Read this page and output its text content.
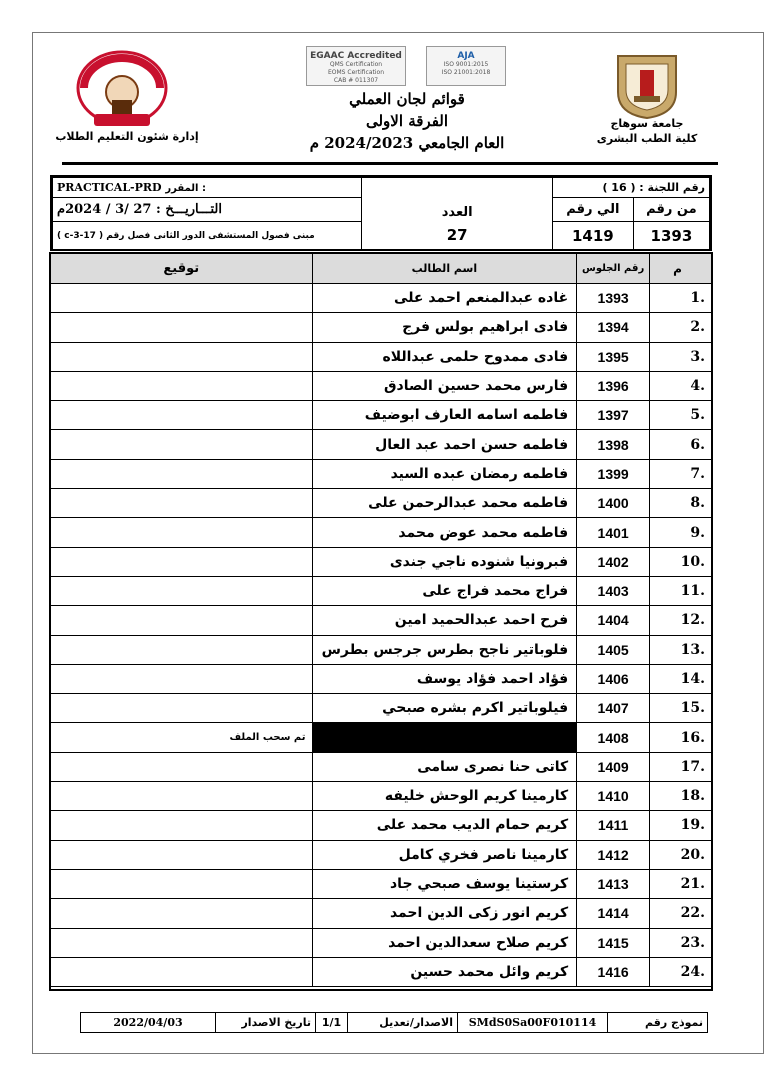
إدارة شئون التعليم الطلاب
EGAAC Accredited
QMS Certification
EOMS Certification
CAB # 011307
AJA
ISO 9001:2015
ISO 21001:2018
قوائم لجان العملي
الفرقة الاولى
العام الجامعي 2024/2023 م
جامعة سوهاج
كلية الطب البشرى
رقم اللجنة : ( 16 )		العدد	PRACTICAL-PRD المقرر :
من رقم	الي رقم		التـــاريـــخ : 27 /3 / 2024م
1393	1419	27	مبنى فصول المستشفى الدور الثانى فصل رقم ( 17-3-c )
م	رقم الجلوس	اسم الطالب	توقيع
1.	1393	غاده عبدالمنعم احمد على	
2.	1394	فادى ابراهيم بولس فرج	
3.	1395	فادى ممدوح حلمى عبداللاه	
4.	1396	فارس محمد حسين الصادق	
5.	1397	فاطمه اسامه العارف ابوضيف	
6.	1398	فاطمه حسن احمد عبد العال	
7.	1399	فاطمه رمضان عبده السيد	
8.	1400	فاطمه محمد عبدالرحمن على	
9.	1401	فاطمه محمد عوض محمد	
10.	1402	فبرونيا شنوده ناجي جندى	
11.	1403	فراج محمد فراج على	
12.	1404	فرح احمد عبدالحميد امين	
13.	1405	فلوباتير ناجح بطرس جرجس بطرس	
14.	1406	فؤاد احمد فؤاد يوسف	
15.	1407	فيلوباتير اكرم بشره صبحي	
16.	1408		تم سحب الملف
17.	1409	كاتى حنا نصرى سامى	
18.	1410	كارمينا كريم الوحش خليفه	
19.	1411	كريم حمام الديب محمد على	
20.	1412	كارمينا ناصر فخري كامل	
21.	1413	كرستينا يوسف صبحي جاد	
22.	1414	كريم انور زكى الدين احمد	
23.	1415	كريم صلاح سعدالدين احمد	
24.	1416	كريم وائل محمد حسين	
نموذج رقم	SMdS0Sa00F010114	الاصدار/تعديل	1/1	تاريخ الاصدار	2022/04/03
